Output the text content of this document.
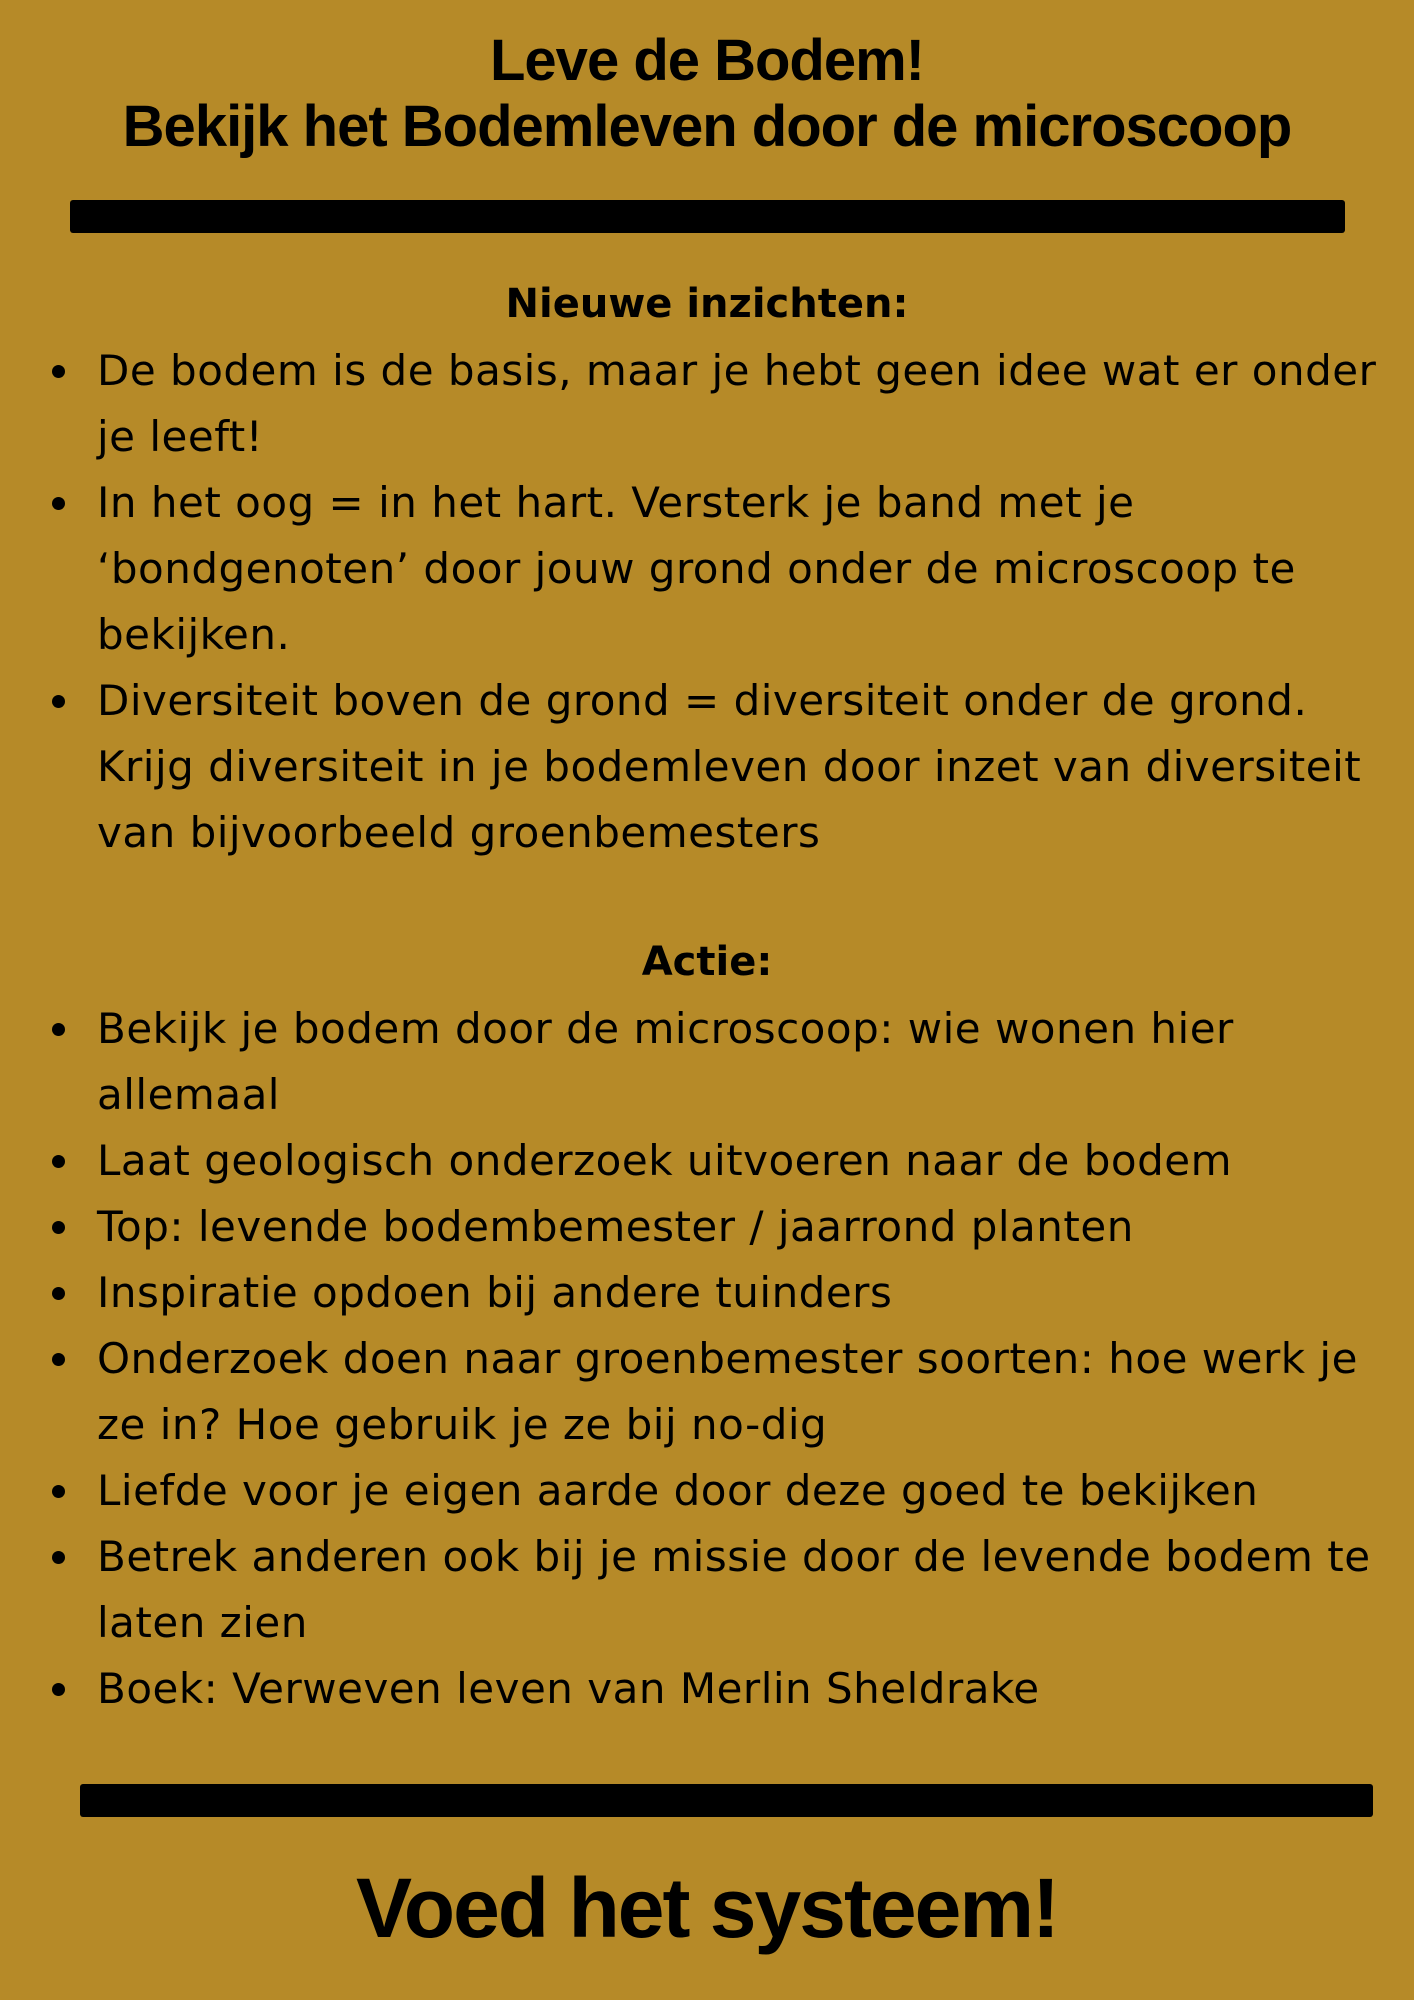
Leve de Bodem!
Bekijk het Bodemleven door de microscoop
Nieuwe inzichten:
De bodem is de basis, maar je hebt geen idee wat er onder je leeft!
In het oog = in het hart. Versterk je band met je ‘bondgenoten’ door jouw grond onder de microscoop te bekijken.
Diversiteit boven de grond = diversiteit onder de grond. Krijg diversiteit in je bodemleven door inzet van diversiteit van bijvoorbeeld groenbemesters
Actie:
Bekijk je bodem door de microscoop: wie wonen hier allemaal
Laat geologisch onderzoek uitvoeren naar de bodem
Top: levende bodembemester / jaarrond planten
Inspiratie opdoen bij andere tuinders
Onderzoek doen naar groenbemester soorten: hoe werk je ze in? Hoe gebruik je ze bij no-dig
Liefde voor je eigen aarde door deze goed te bekijken
Betrek anderen ook bij je missie door de levende bodem te laten zien
Boek: Verweven leven van Merlin Sheldrake
Voed het systeem!
